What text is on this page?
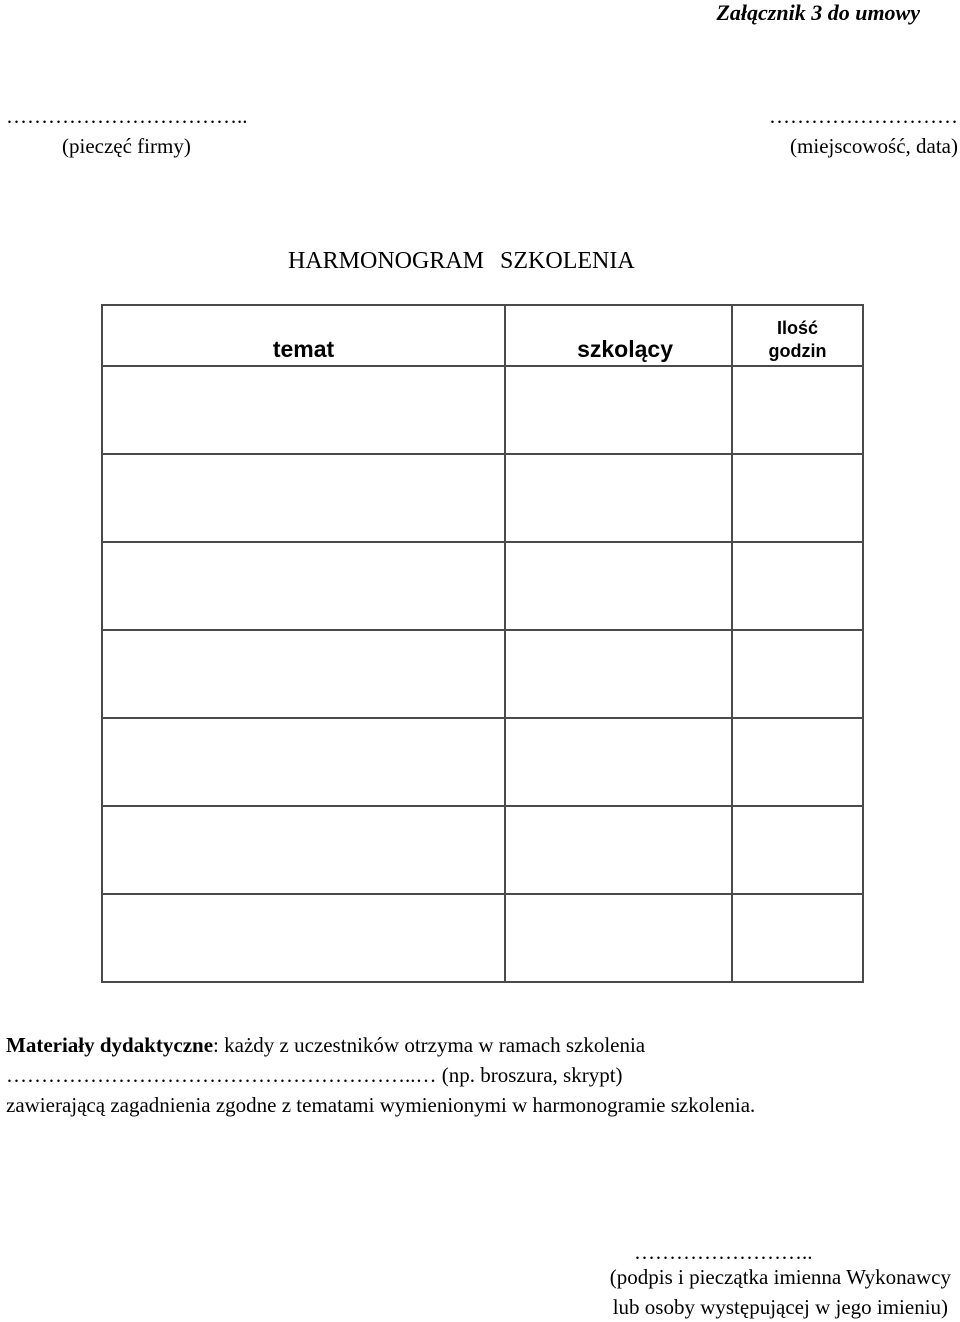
Załącznik 3 do umowy
……………………………..
(pieczęć firmy)
………………………
(miejscowość, data)
HARMONOGRAM SZKOLENIA
temat	szkolący	Ilość
godzin

Materiały dydaktyczne: każdy z uczestników otrzyma w ramach szkolenia
…………………………………………………..… (np. broszura, skrypt)
zawierającą zagadnienia zgodne z tematami wymienionymi w harmonogramie szkolenia.
……………………..
(podpis i pieczątka imienna Wykonawcy
lub osoby występującej w jego imieniu)
